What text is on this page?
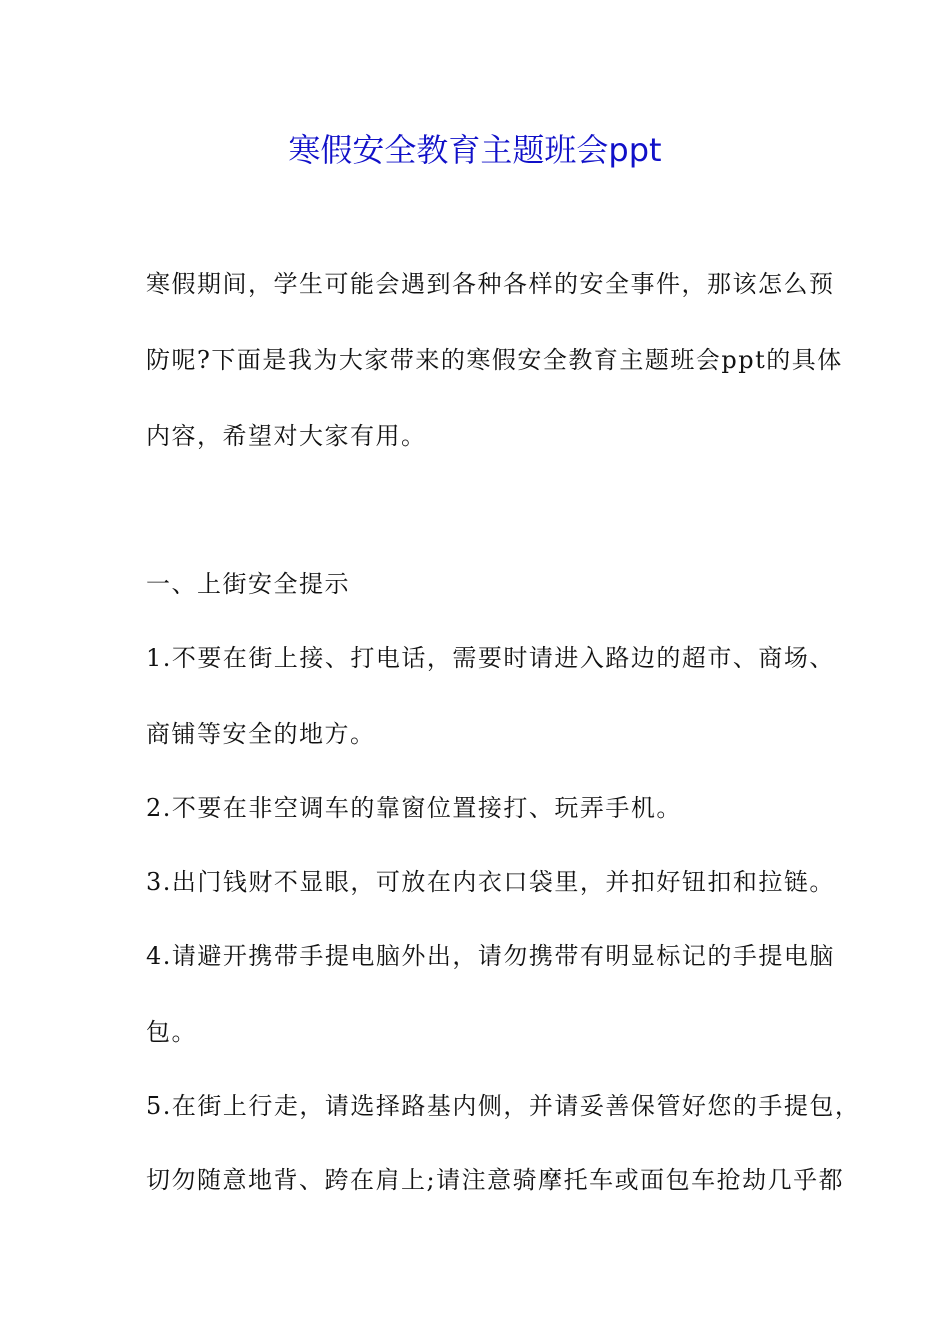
寒假安全教育主题班会ppt
寒假期间，学生可能会遇到各种各样的安全事件，那该怎么预
防呢?下面是我为大家带来的寒假安全教育主题班会ppt的具体
内容，希望对大家有用。
一、上街安全提示
1.不要在街上接、打电话，需要时请进入路边的超市、商场、
商铺等安全的地方。
2.不要在非空调车的靠窗位置接打、玩弄手机。
3.出门钱财不显眼，可放在内衣口袋里，并扣好钮扣和拉链。
4.请避开携带手提电脑外出，请勿携带有明显标记的手提电脑
包。
5.在街上行走，请选择路基内侧，并请妥善保管好您的手提包，
切勿随意地背、跨在肩上;请注意骑摩托车或面包车抢劫几乎都
